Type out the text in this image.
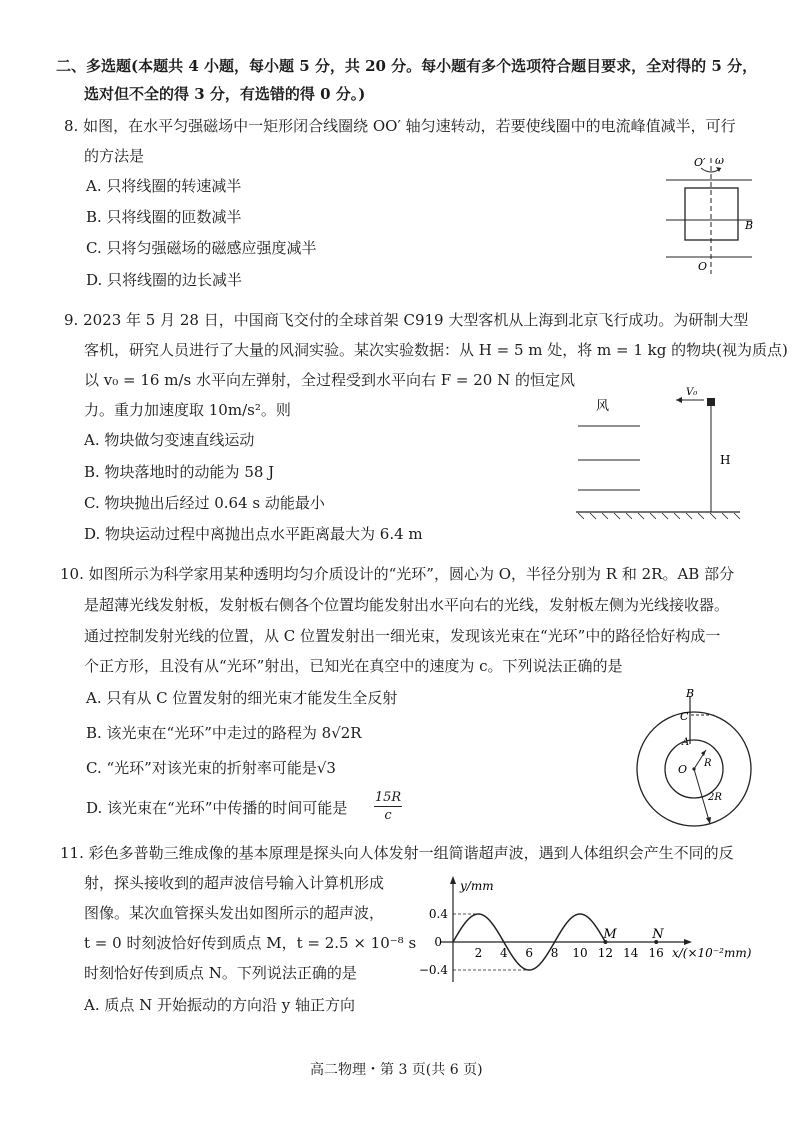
二、多选题(本题共 4 小题，每小题 5 分，共 20 分。每小题有多个选项符合题目要求，全对得的 5 分，
选对但不全的得 3 分，有选错的得 0 分。)
8. 如图，在水平匀强磁场中一矩形闭合线圈绕 OO′ 轴匀速转动，若要使线圈中的电流峰值减半，可行
的方法是
A. 只将线圈的转速减半
B. 只将线圈的匝数减半
C. 只将匀强磁场的磁感应强度减半
D. 只将线圈的边长减半
O′ ω
B
O
9. 2023 年 5 月 28 日，中国商飞交付的全球首架 C919 大型客机从上海到北京飞行成功。为研制大型
客机，研究人员进行了大量的风洞实验。某次实验数据：从 H = 5 m 处，将 m = 1 kg 的物块(视为质点)
以 v₀ = 16 m/s 水平向左弹射，全过程受到水平向右 F = 20 N 的恒定风
力。重力加速度取 10m/s²。则
A. 物块做匀变速直线运动
B. 物块落地时的动能为 58 J
C. 物块抛出后经过 0.64 s 动能最小
D. 物块运动过程中离抛出点水平距离最大为 6.4 m
风
V₀
H
10. 如图所示为科学家用某种透明均匀介质设计的“光环”，圆心为 O，半径分别为 R 和 2R。AB 部分
是超薄光线发射板，发射板右侧各个位置均能发射出水平向右的光线，发射板左侧为光线接收器。
通过控制发射光线的位置，从 C 位置发射出一细光束，发现该光束在“光环”中的路径恰好构成一
个正方形，且没有从“光环”射出，已知光在真空中的速度为 c。下列说法正确的是
A. 只有从 C 位置发射的细光束才能发生全反射
B. 该光束在“光环”中走过的路程为 8√2R
C. “光环”对该光束的折射率可能是√3
D. 该光束在“光环”中传播的时间可能是
15R
c
B
C
A
O R
2R
11. 彩色多普勒三维成像的基本原理是探头向人体发射一组简谐超声波，遇到人体组织会产生不同的反
射，探头接收到的超声波信号输入计算机形成
图像。某次血管探头发出如图所示的超声波，
t = 0 时刻波恰好传到质点 M，t = 2.5 × 10⁻⁸ s
时刻恰好传到质点 N。下列说法正确的是
A. 质点 N 开始振动的方向沿 y 轴正方向
y/mm
0
0.4
−0.4
2 4 6 8 10 12 14 16
M	N
x/(×10⁻²mm)
高二物理・第 3 页(共 6 页)
